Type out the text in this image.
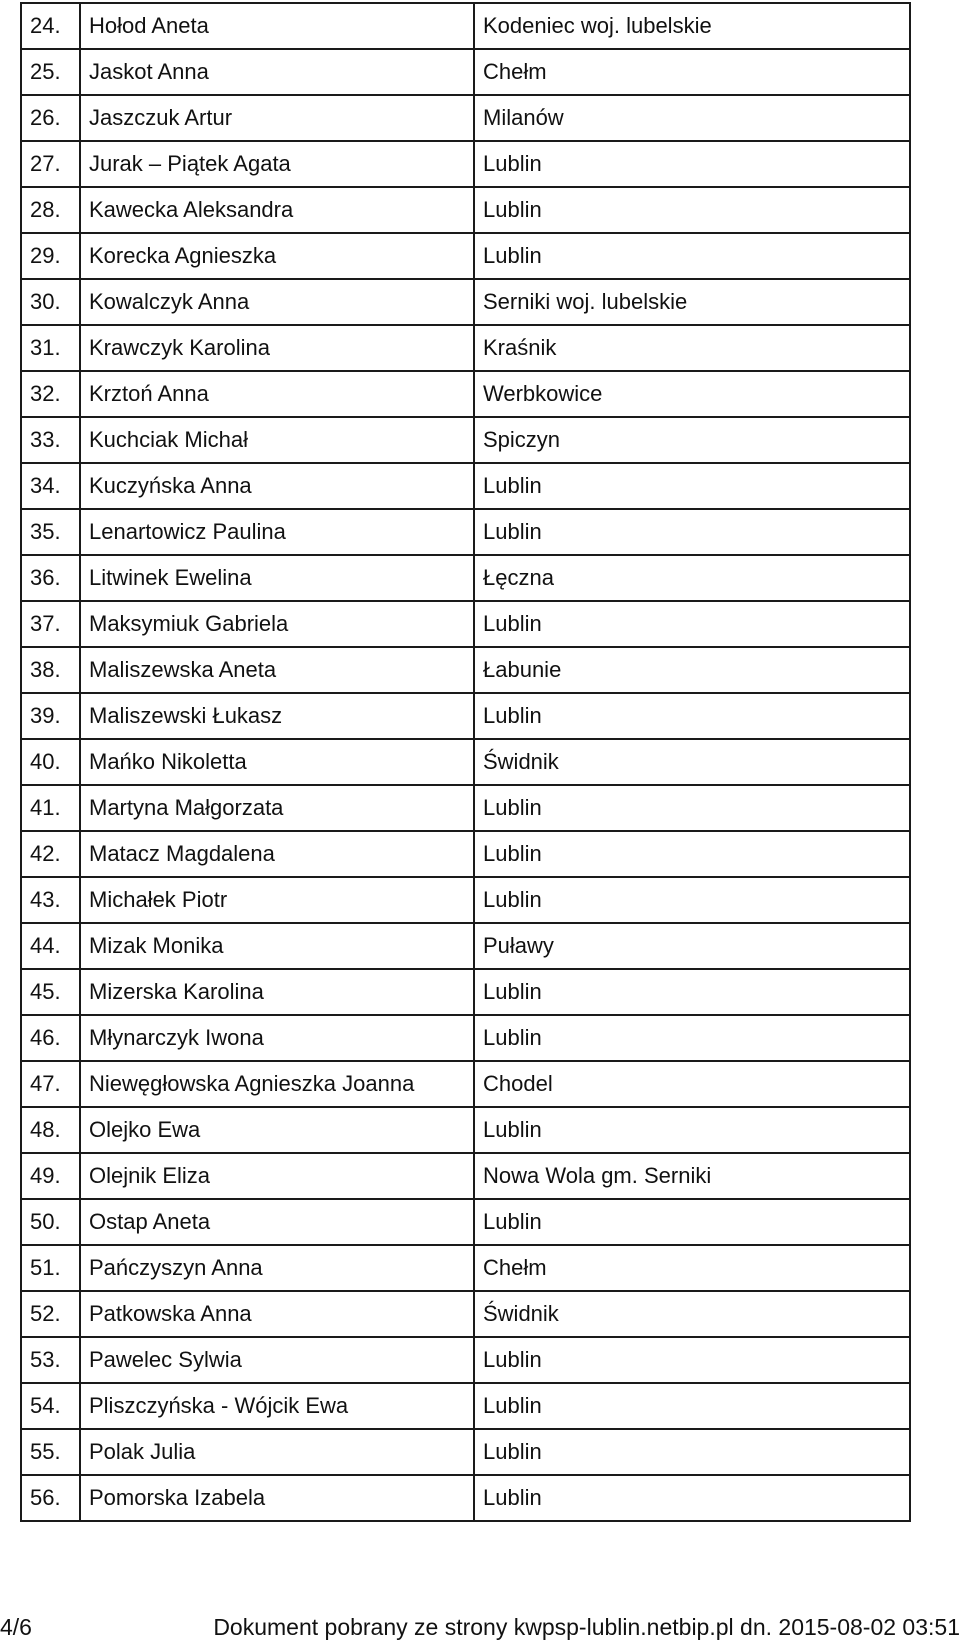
24.	Hołod Aneta	Kodeniec woj. lubelskie
25.	Jaskot Anna	Chełm
26.	Jaszczuk Artur	Milanów
27.	Jurak – Piątek Agata	Lublin
28.	Kawecka Aleksandra	Lublin
29.	Korecka Agnieszka	Lublin
30.	Kowalczyk Anna	Serniki woj. lubelskie
31.	Krawczyk Karolina	Kraśnik
32.	Krztoń Anna	Werbkowice
33.	Kuchciak Michał	Spiczyn
34.	Kuczyńska Anna	Lublin
35.	Lenartowicz Paulina	Lublin
36.	Litwinek Ewelina	Łęczna
37.	Maksymiuk Gabriela	Lublin
38.	Maliszewska Aneta	Łabunie
39.	Maliszewski Łukasz	Lublin
40.	Mańko Nikoletta	Świdnik
41.	Martyna Małgorzata	Lublin
42.	Matacz Magdalena	Lublin
43.	Michałek Piotr	Lublin
44.	Mizak Monika	Puławy
45.	Mizerska Karolina	Lublin
46.	Młynarczyk Iwona	Lublin
47.	Niewęgłowska Agnieszka Joanna	Chodel
48.	Olejko Ewa	Lublin
49.	Olejnik Eliza	Nowa Wola gm. Serniki
50.	Ostap Aneta	Lublin
51.	Pańczyszyn Anna	Chełm
52.	Patkowska Anna	Świdnik
53.	Pawelec Sylwia	Lublin
54.	Pliszczyńska - Wójcik Ewa	Lublin
55.	Polak Julia	Lublin
56.	Pomorska Izabela	Lublin
4/6	Dokument pobrany ze strony kwpsp-lublin.netbip.pl dn. 2015-08-02 03:51
